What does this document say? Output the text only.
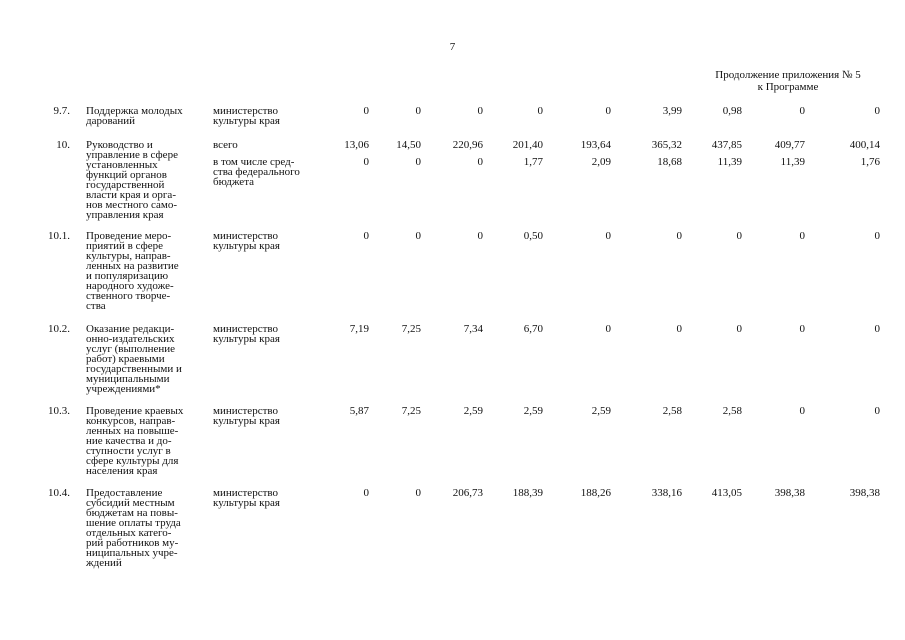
7
Продолжение приложения № 5
к Программе
9.7. Поддержка молодых
дарований
министерство
культуры края
0	0	0	0	0	3,99	0,98	0	0
10. Руководство и
управление в сфере
установленных
функций органов
государственной
власти края и орга-
нов местного само-
управления края
всего	13,06	14,50	220,96	201,40	193,64	365,32	437,85	409,77	400,14
в том числе сред-
ства федерального
бюджета
0	0	0	1,77	2,09	18,68	11,39	11,39	1,76
10.1. Проведение меро-
приятий в сфере
культуры, направ-
ленных на развитие
и популяризацию
народного художе-
ственного творче-
ства
министерство
культуры края
0	0	0	0,50	0	0	0	0	0
10.2. Оказание редакци-
онно-издательских
услуг (выполнение
работ) краевыми
государственными и
муниципальными
учреждениями*
министерство
культуры края
7,19	7,25	7,34	6,70	0	0	0	0	0
10.3. Проведение краевых
конкурсов, направ-
ленных на повыше-
ние качества и до-
ступности услуг в
сфере культуры для
населения края
министерство
культуры края
5,87	7,25	2,59	2,59	2,59	2,58	2,58	0	0
10.4. Предоставление
субсидий местным
бюджетам на повы-
шение оплаты труда
отдельных катего-
рий работников му-
ниципальных учре-
ждений
министерство
культуры края
0	0	206,73	188,39	188,26	338,16	413,05	398,38	398,38
